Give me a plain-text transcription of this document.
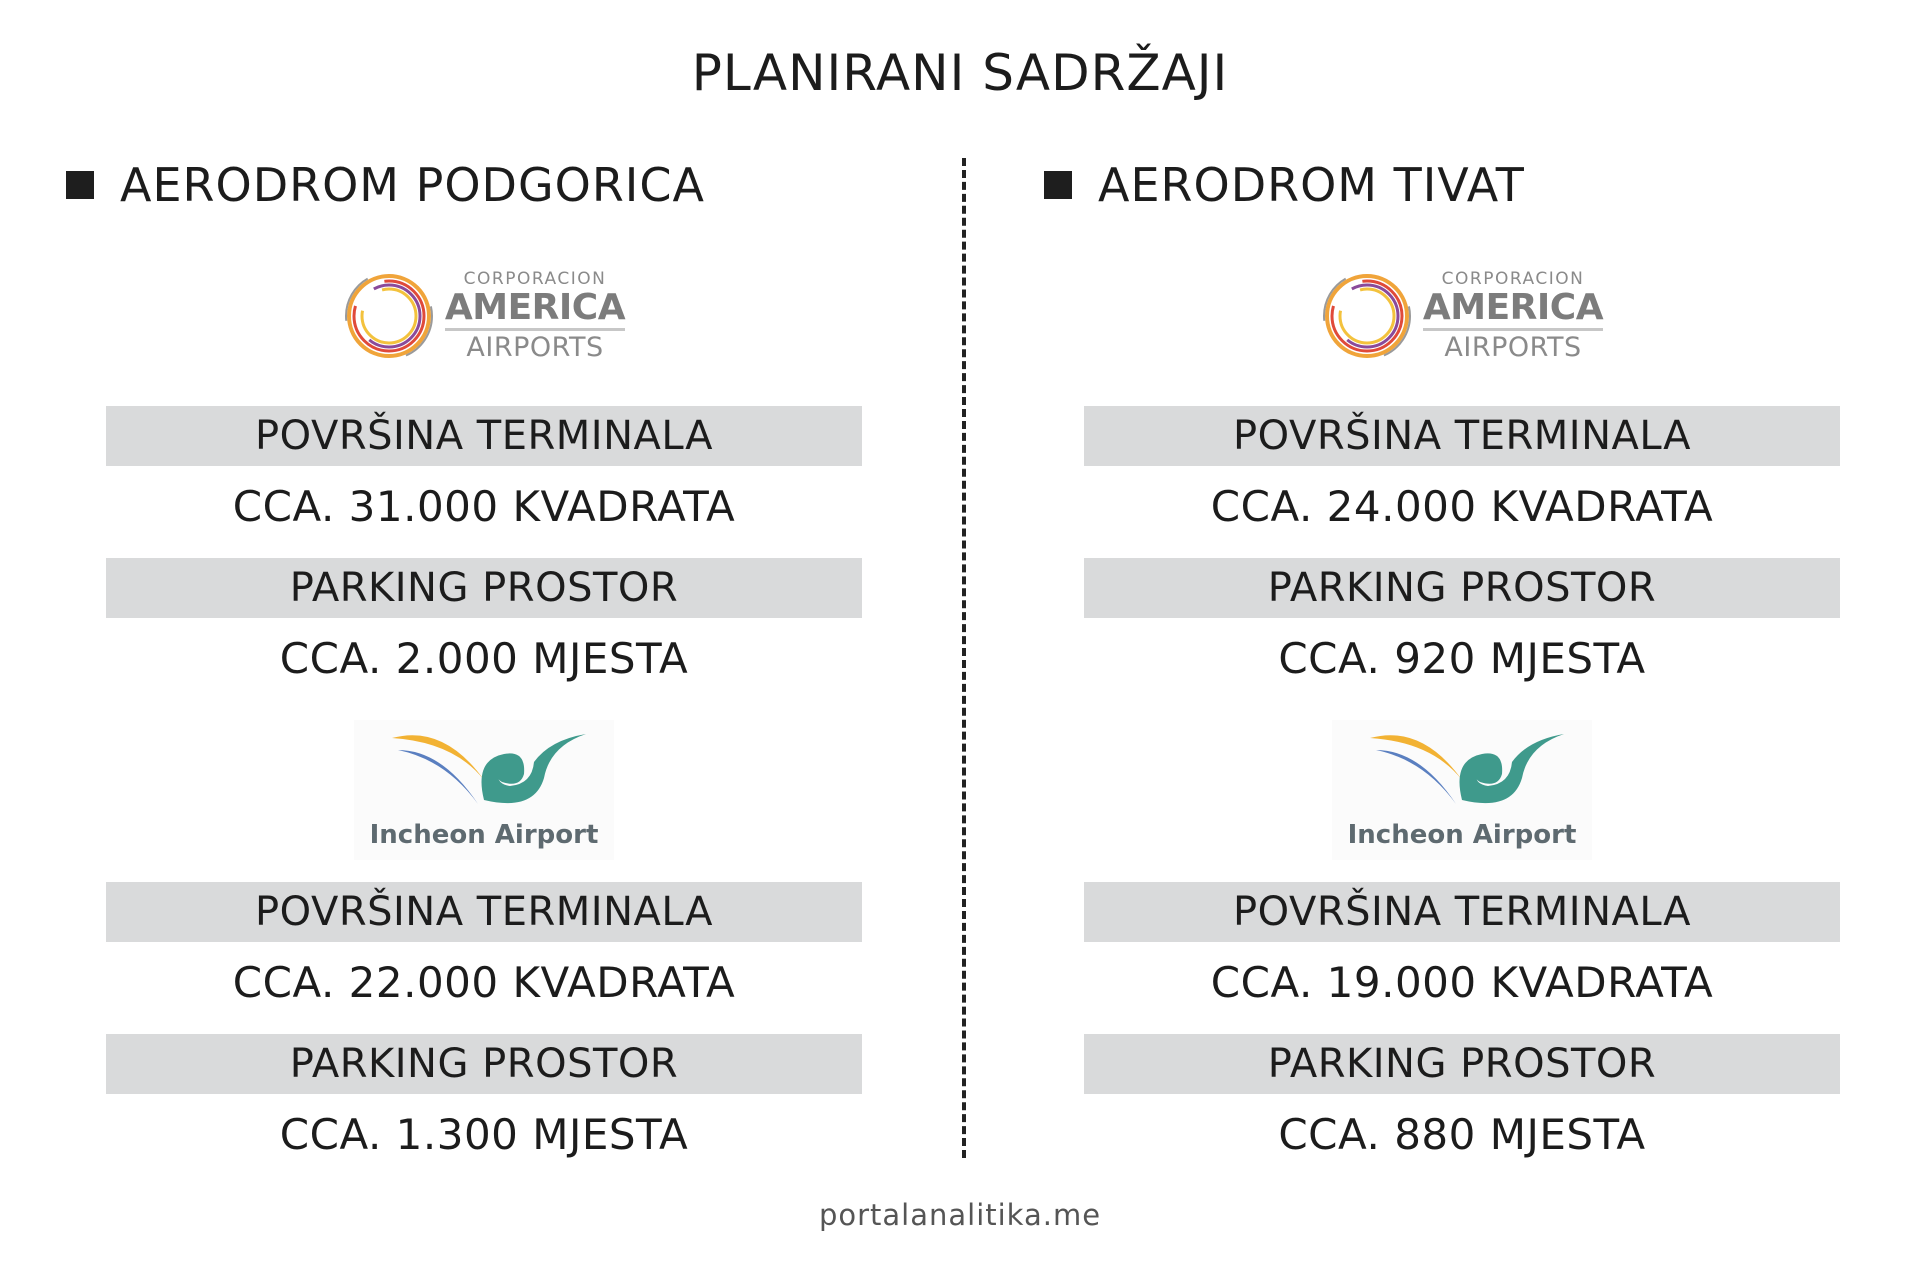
PLANIRANI SADRŽAJI
AERODROM PODGORICA
CORPORACION
AMERICA
AIRPORTS
POVRŠINA TERMINALA
CCA. 31.000 KVADRATA
PARKING PROSTOR
CCA. 2.000 MJESTA
Incheon Airport
POVRŠINA TERMINALA
CCA. 22.000 KVADRATA
PARKING PROSTOR
CCA. 1.300 MJESTA
AERODROM TIVAT
CORPORACION
AMERICA
AIRPORTS
POVRŠINA TERMINALA
CCA. 24.000 KVADRATA
PARKING PROSTOR
CCA. 920 MJESTA
Incheon Airport
POVRŠINA TERMINALA
CCA. 19.000 KVADRATA
PARKING PROSTOR
CCA. 880 MJESTA
portalanalitika.me
